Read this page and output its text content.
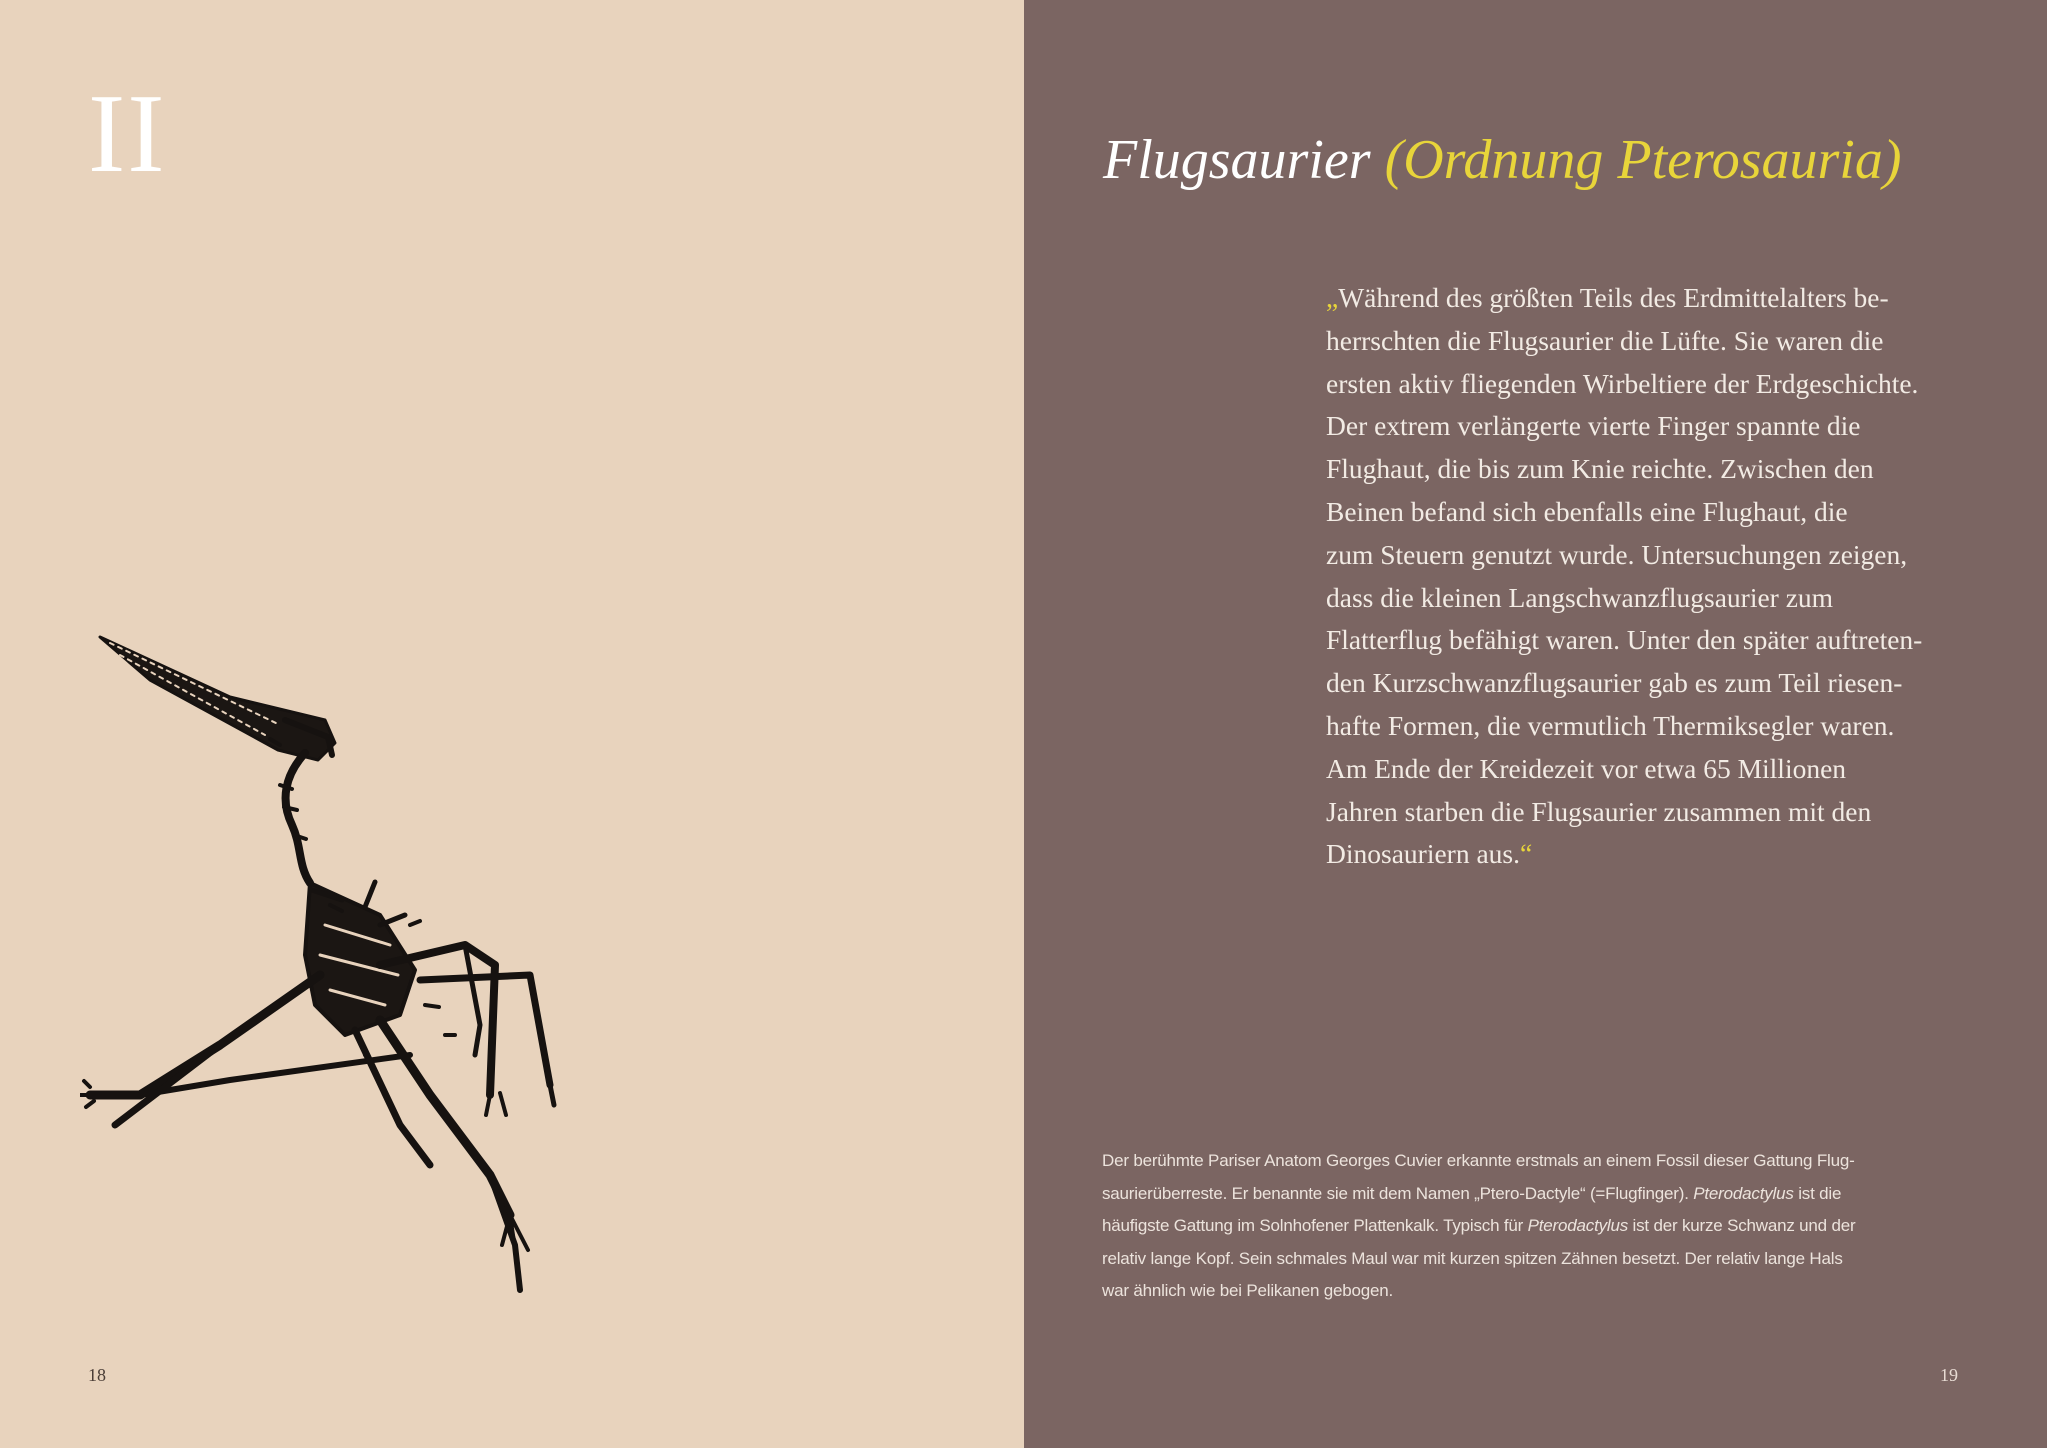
II
18
Flugsaurier (Ordnung Pterosauria)
„Während des größten Teils des Erdmittelalters be-
herrschten die Flugsaurier die Lüfte. Sie waren die
ersten aktiv fliegenden Wirbeltiere der Erdgeschichte.
Der extrem verlängerte vierte Finger spannte die
Flughaut, die bis zum Knie reichte. Zwischen den
Beinen befand sich ebenfalls eine Flughaut, die
zum Steuern genutzt wurde. Untersuchungen zeigen,
dass die kleinen Langschwanzflugsaurier zum
Flatterflug befähigt waren. Unter den später auftreten-
den Kurzschwanzflugsaurier gab es zum Teil riesen-
hafte Formen, die vermutlich Thermiksegler waren.
Am Ende der Kreidezeit vor etwa 65 Millionen
Jahren starben die Flugsaurier zusammen mit den
Dinosauriern aus.“
Der berühmte Pariser Anatom Georges Cuvier erkannte erstmals an einem Fossil dieser Gattung Flug-
saurierüberreste. Er benannte sie mit dem Namen „Ptero-Dactyle“ (=Flugfinger). Pterodactylus ist die
häufigste Gattung im Solnhofener Plattenkalk. Typisch für Pterodactylus ist der kurze Schwanz und der
relativ lange Kopf. Sein schmales Maul war mit kurzen spitzen Zähnen besetzt. Der relativ lange Hals
war ähnlich wie bei Pelikanen gebogen.
19
